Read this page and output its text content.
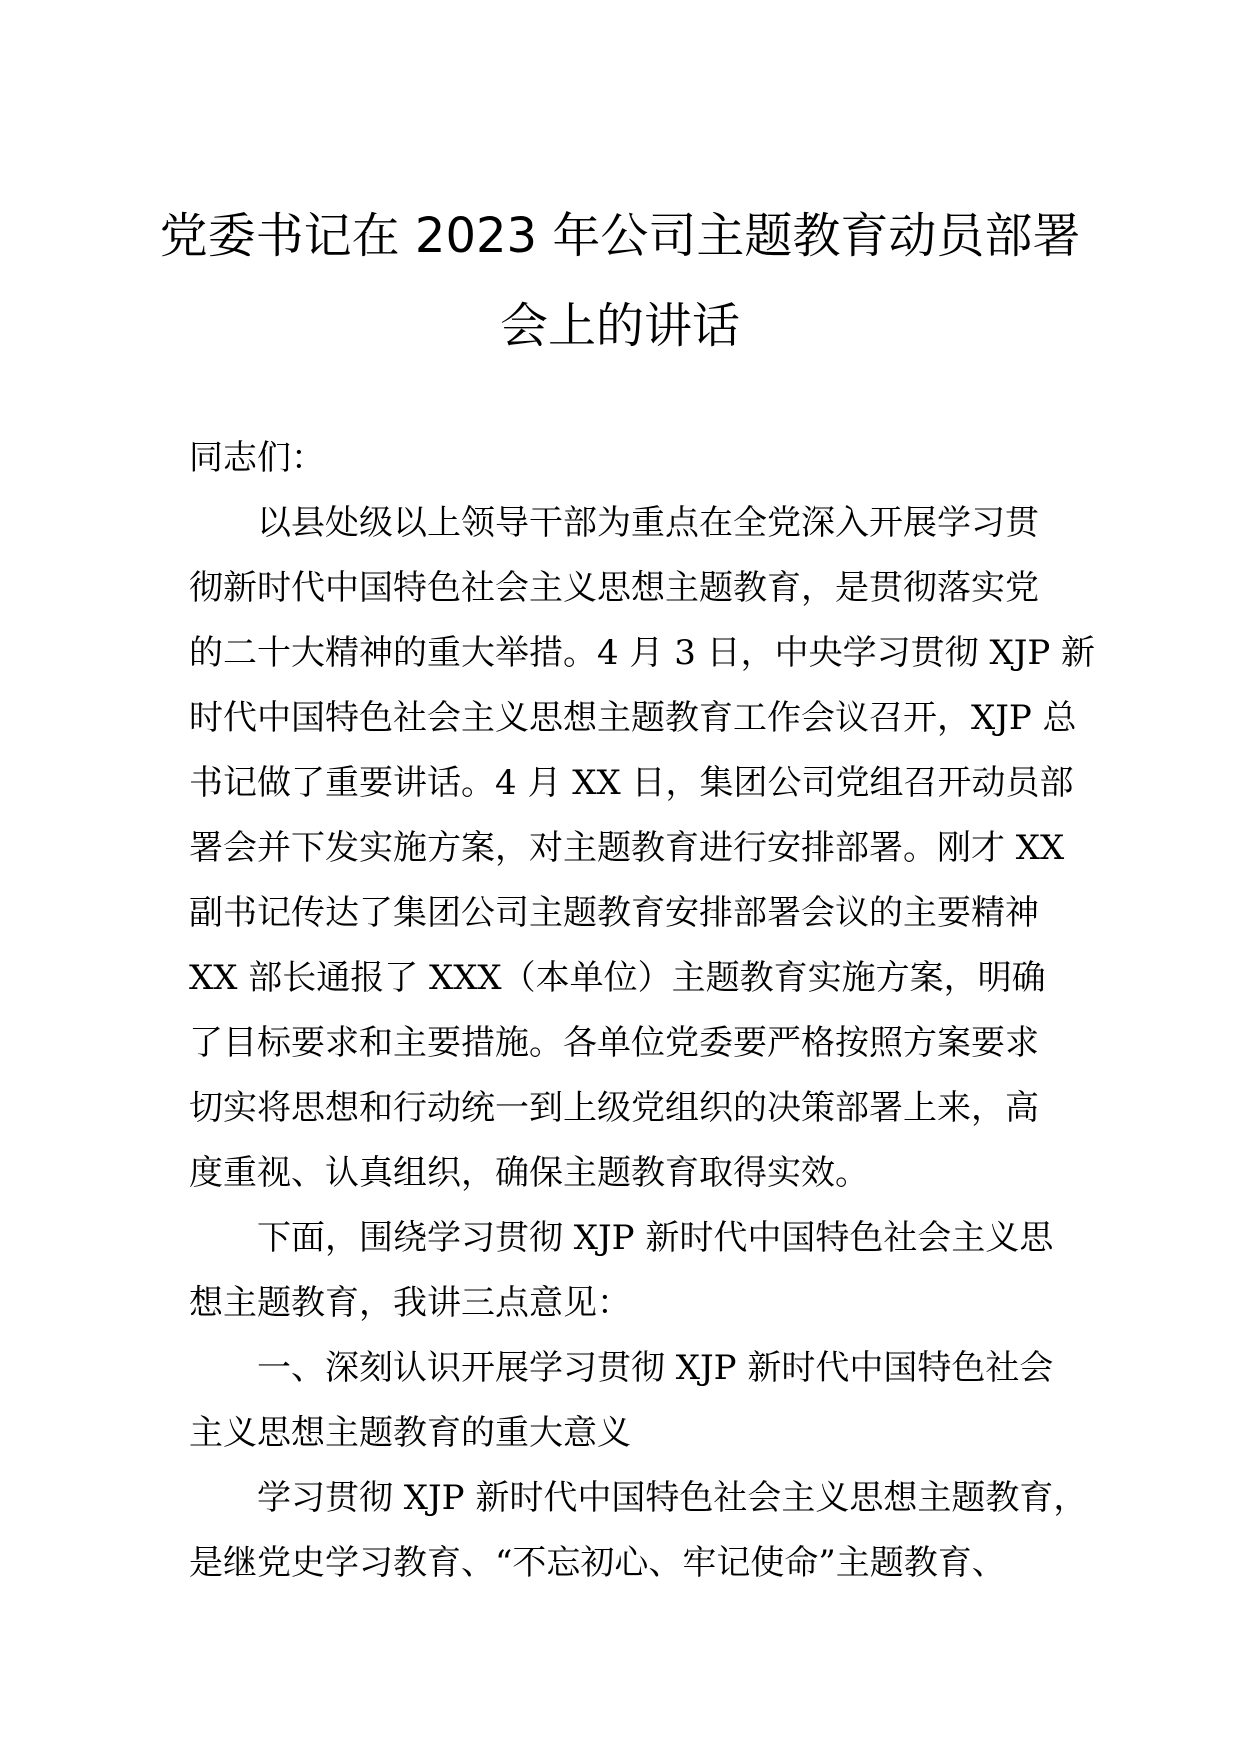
党委书记在 2023 年公司主题教育动员部署
会上的讲话
同志们：
　　以县处级以上领导干部为重点在全党深入开展学习贯
彻新时代中国特色社会主义思想主题教育，是贯彻落实党
的二十大精神的重大举措。4 月 3 日，中央学习贯彻 XJP 新
时代中国特色社会主义思想主题教育工作会议召开，XJP 总
书记做了重要讲话。4 月 XX 日，集团公司党组召开动员部
署会并下发实施方案，对主题教育进行安排部署。刚才 XX
副书记传达了集团公司主题教育安排部署会议的主要精神
XX 部长通报了 XXX（本单位）主题教育实施方案，明确
了目标要求和主要措施。各单位党委要严格按照方案要求
切实将思想和行动统一到上级党组织的决策部署上来，高
度重视、认真组织，确保主题教育取得实效。
　　下面，围绕学习贯彻 XJP 新时代中国特色社会主义思
想主题教育，我讲三点意见：
　　一、深刻认识开展学习贯彻 XJP 新时代中国特色社会
主义思想主题教育的重大意义
　　学习贯彻 XJP 新时代中国特色社会主义思想主题教育，
是继党史学习教育、“不忘初心、牢记使命”主题教育、
